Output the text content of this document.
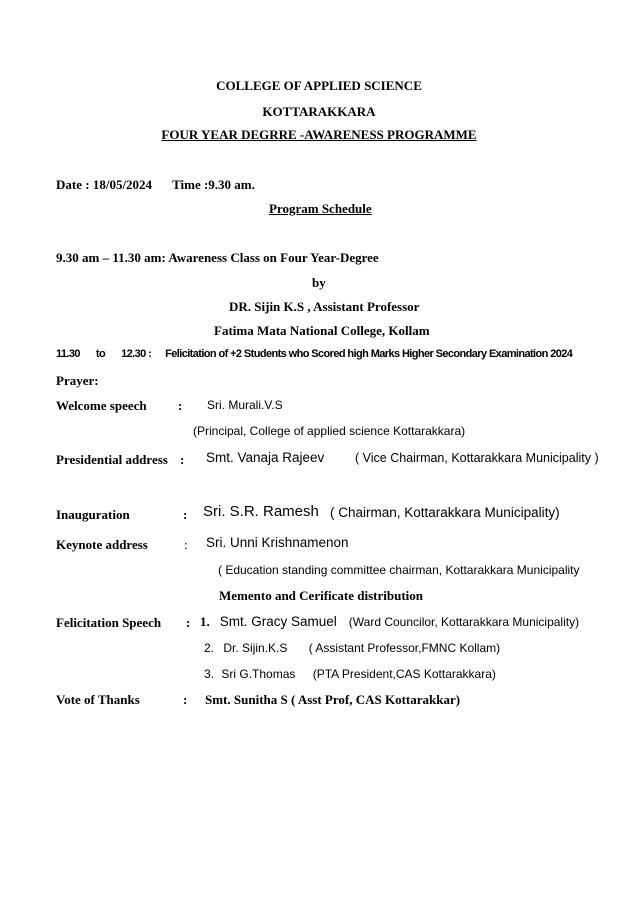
COLLEGE OF APPLIED SCIENCE
KOTTARAKKARA
FOUR YEAR DEGRRE -AWARENESS PROGRAMME
Date : 18/05/2024 Time :9.30 am.
Program Schedule
9.30 am – 11.30 am: Awareness Class on Four Year-Degree
by
DR. Sijin K.S , Assistant Professor
Fatima Mata National College, Kollam
11.30 to 12.30 : Felicitation of +2 Students who Scored high Marks Higher Secondary Examination 2024
Prayer:
Welcome speech : Sri. Murali.V.S
(Principal, College of applied science Kottarakkara)
Presidential address : Smt. Vanaja Rajeev ( Vice Chairman, Kottarakkara Municipality )
Inauguration	: Sri. S.R. Ramesh ( Chairman, Kottarakkara Municipality)
Keynote address	: Sri. Unni Krishnamenon
( Education standing committee chairman, Kottarakkara Municipality
Memento and Cerificate distribution
Felicitation Speech : 1. Smt. Gracy Samuel (Ward Councilor, Kottarakkara Municipality)
2. Dr. Sijin.K.S ( Assistant Professor,FMNC Kollam)
3. Sri G.Thomas (PTA President,CAS Kottarakkara)
Vote of Thanks	: Smt. Sunitha S ( Asst Prof, CAS Kottarakkar)
